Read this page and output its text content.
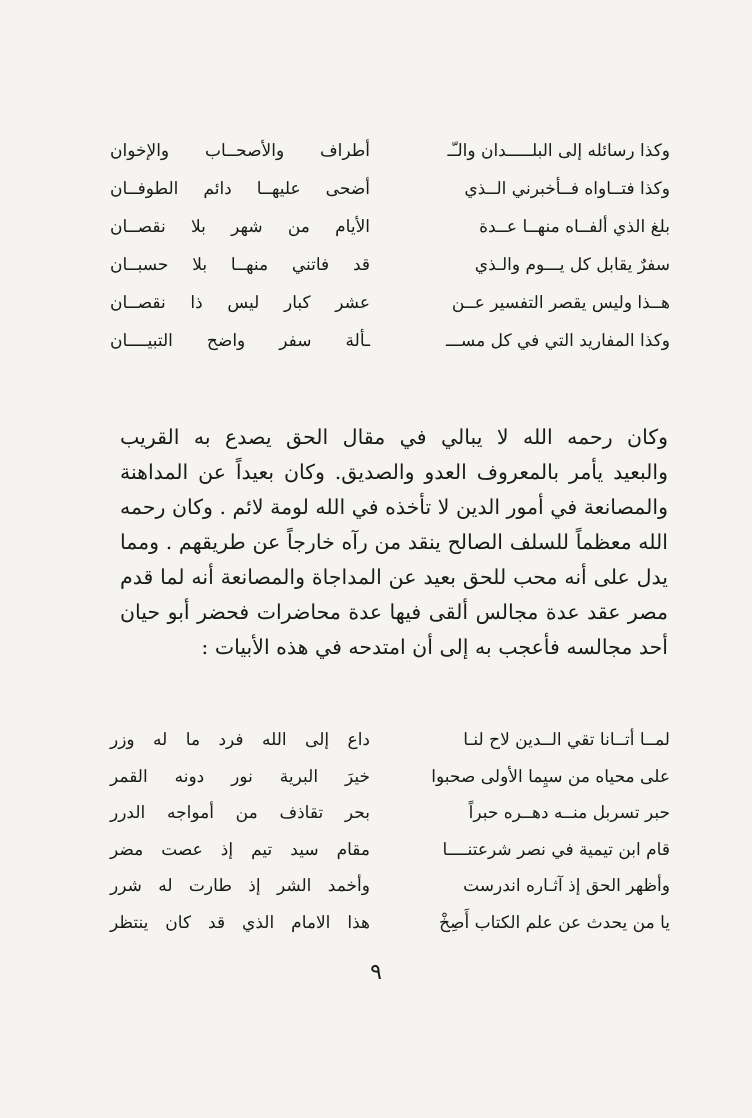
وكذا رسائله إلى البلـــــدان والـّـ
أطراف والأصحــاب والإخوان
وكذا فتــاواه فــأخبرني الــذي
أضحى عليهــا دائم الطوفــان
بلغ الذي ألفــاه منهــا عــدة
الأيام من شهر بلا نقصــان
سفرٌ يقابل كل يـــوم والـذي
قد فاتني منهــا بلا حسبــان
هــذا وليس يقصر التفسير عــن
عشر كبار ليس ذا نقصــان
وكذا المفاريد التي في كل مســـ
ـألة سفر واضح التبيــــان

وكان رحمه الله لا يبالي في مقال الحق يصدع به القريب
والبعيد يأمر بالمعروف العدو والصديق. وكان بعيداً عن المداهنة
والمصانعة في أمور الدين لا تأخذه في الله لومة لائم . وكان رحمه
الله معظماً للسلف الصالح ينقد من رآه خارجاً عن طريقهم . ومما
يدل على أنه محب للحق بعيد عن المداجاة والمصانعة أنه لما قدم
مصر عقد عدة مجالس ألقى فيها عدة محاضرات فحضر أبو حيان
أحد مجالسه فأعجب به إلى أن امتدحه في هذه الأبيات :

لمــا أتــانا تقي الــدين لاح لنـا
داع إلى الله فرد ما له وزر
على محياه من سيِما الأولى صحبوا
خيرَ البرية نور دونه القمر
حبر تسربل منــه دهــره حبراً
بحر تقاذف من أمواجه الدرر
قام ابن تيمية في نصر شرعتنــــا
مقام سيد تيم إذ عصت مضر
وأظهر الحق إذ آثـاره اندرست
وأخمد الشر إذ طارت له شرر
يا من يحدث عن علم الكتاب أَصِخْ
هذا الامام الذي قد كان ينتظر
٩
